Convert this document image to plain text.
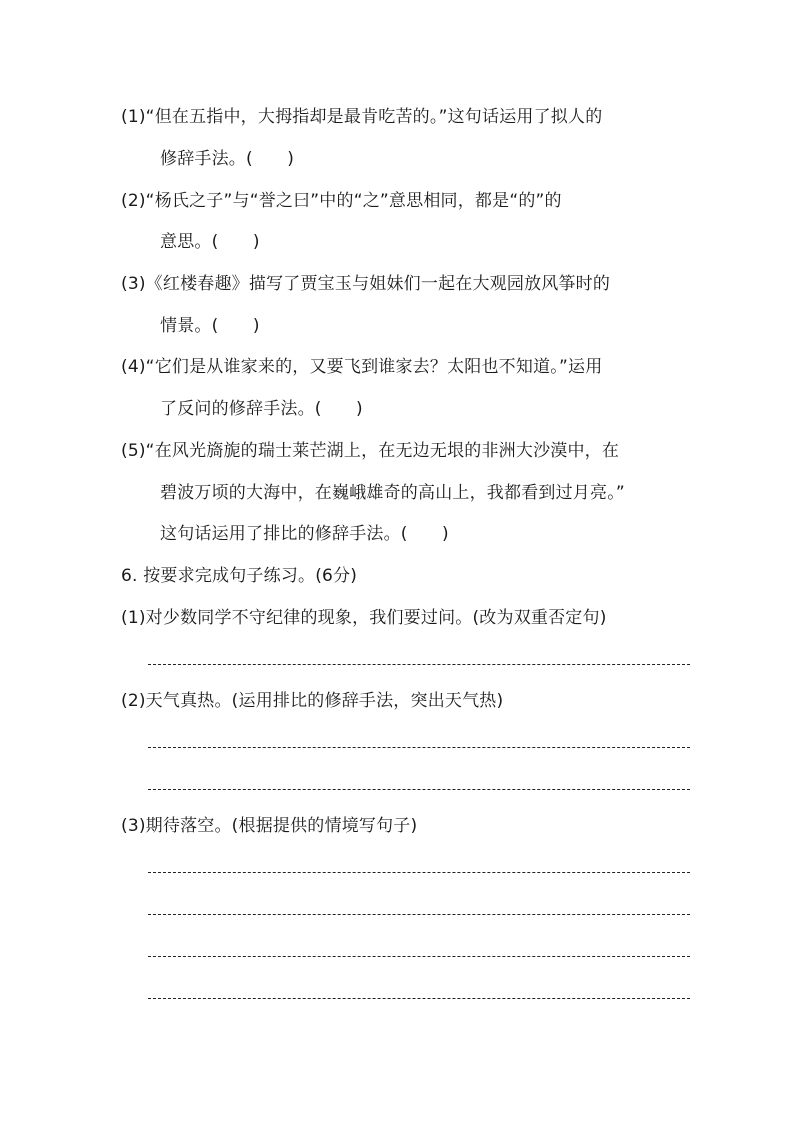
(1)“但在五指中，大拇指却是最肯吃苦的。”这句话运用了拟人的
修辞手法。(　　)
(2)“杨氏之子”与“誉之曰”中的“之”意思相同，都是“的”的
意思。(　　)
(3)《红楼春趣》描写了贾宝玉与姐妹们一起在大观园放风筝时的
情景。(　　)
(4)“它们是从谁家来的，又要飞到谁家去？太阳也不知道。”运用
了反问的修辞手法。(　　)
(5)“在风光旖旎的瑞士莱芒湖上，在无边无垠的非洲大沙漠中，在
碧波万顷的大海中，在巍峨雄奇的高山上，我都看到过月亮。”
这句话运用了排比的修辞手法。(　　)
6. 按要求完成句子练习。(6分)
(1)对少数同学不守纪律的现象，我们要过问。(改为双重否定句)
(2)天气真热。(运用排比的修辞手法，突出天气热)
(3)期待落空。(根据提供的情境写句子)
